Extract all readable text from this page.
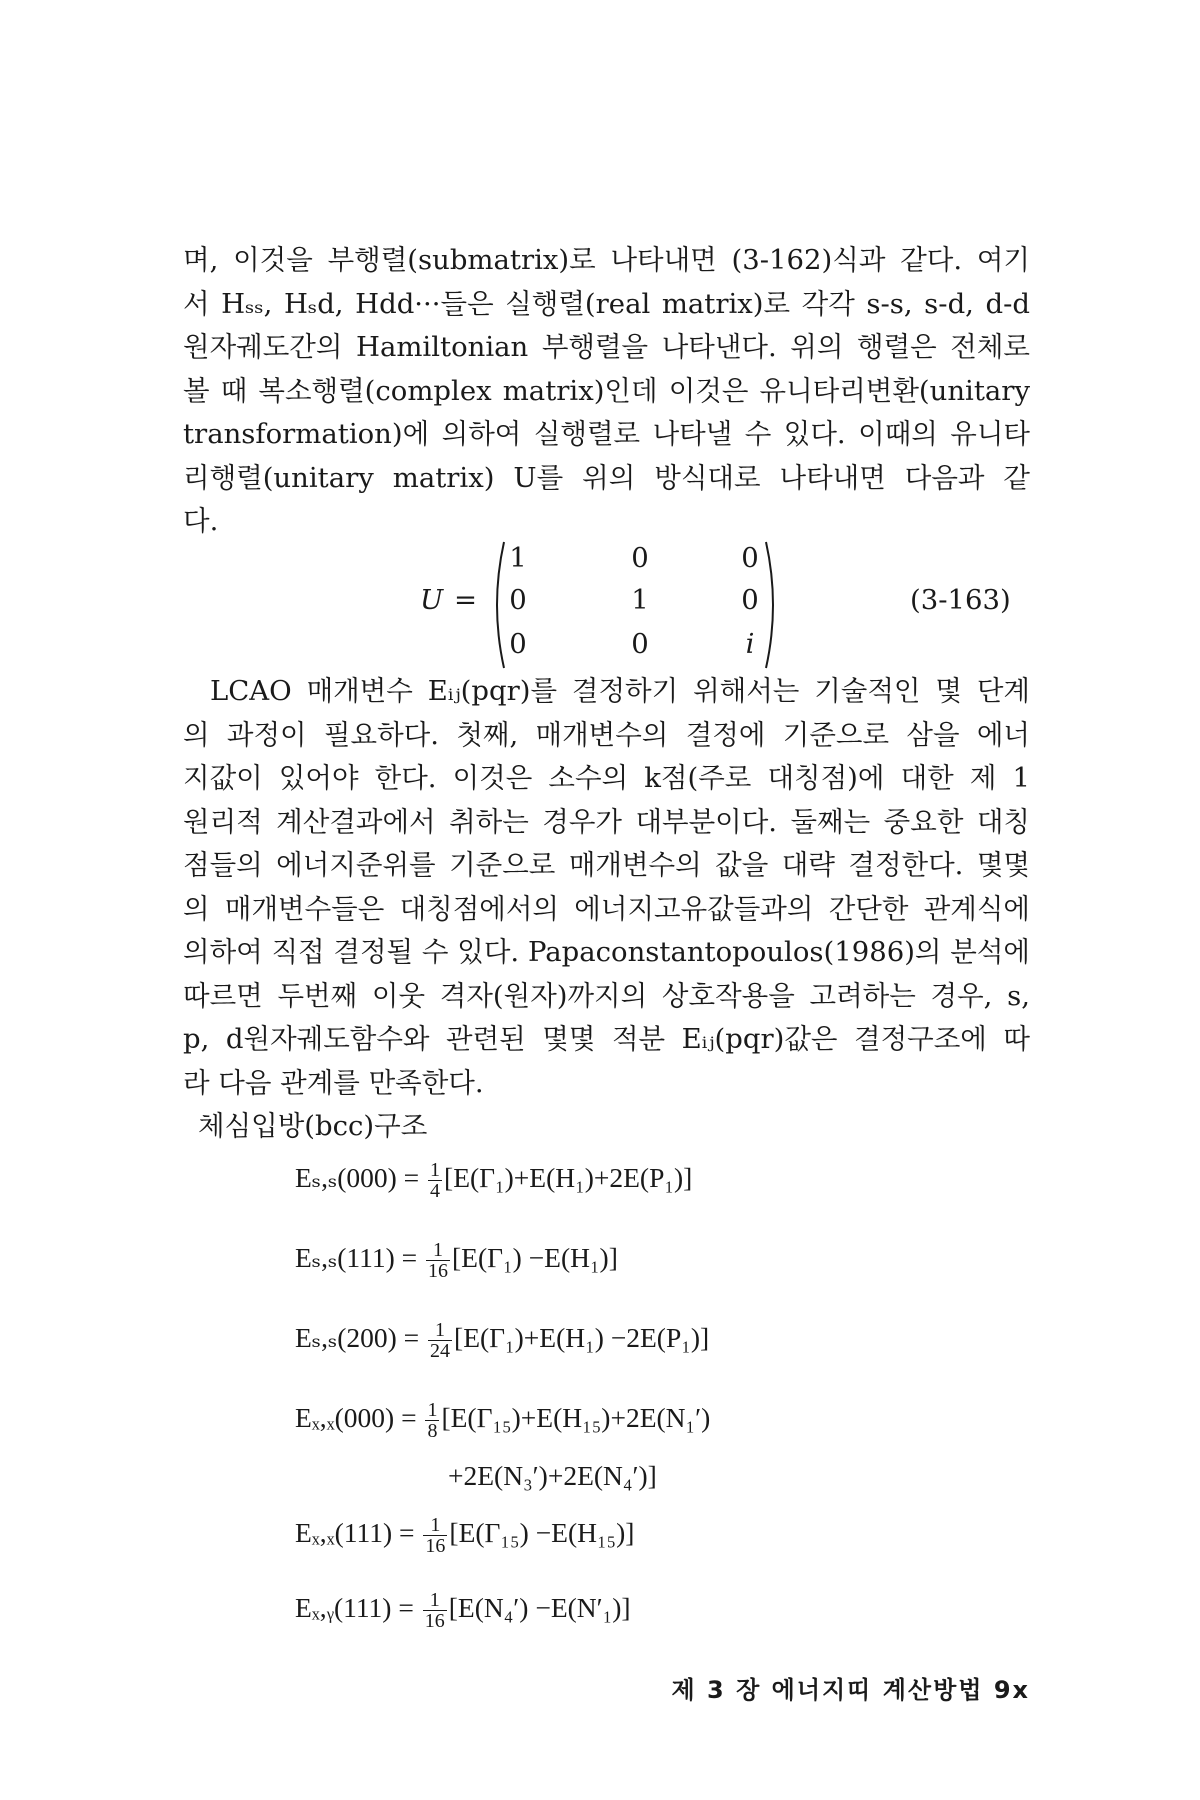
며, 이것을 부행렬(submatrix)로 나타내면 (3-162)식과 같다. 여기
서 Hₛₛ, Hₛd, Hdd···들은 실행렬(real matrix)로 각각 s-s, s-d, d-d
원자궤도간의 Hamiltonian 부행렬을 나타낸다. 위의 행렬은 전체로
볼 때 복소행렬(complex matrix)인데 이것은 유니타리변환(unitary
transformation)에 의하여 실행렬로 나타낼 수 있다. 이때의 유니타
리행렬(unitary matrix) U를 위의 방식대로 나타내면 다음과 같
다.
U =
1	0	0
0	1	0
0	0	i
(3-163)
LCAO 매개변수 Eᵢⱼ(pqr)를 결정하기 위해서는 기술적인 몇 단계
의 과정이 필요하다. 첫째, 매개변수의 결정에 기준으로 삼을 에너
지값이 있어야 한다. 이것은 소수의 k점(주로 대칭점)에 대한 제 1
원리적 계산결과에서 취하는 경우가 대부분이다. 둘째는 중요한 대칭
점들의 에너지준위를 기준으로 매개변수의 값을 대략 결정한다. 몇몇
의 매개변수들은 대칭점에서의 에너지고유값들과의 간단한 관계식에
의하여 직접 결정될 수 있다. Papaconstantopoulos(1986)의 분석에
따르면 두번째 이웃 격자(원자)까지의 상호작용을 고려하는 경우, s,
p, d원자궤도함수와 관련된 몇몇 적분 Eᵢⱼ(pqr)값은 결정구조에 따
라 다음 관계를 만족한다.
체심입방(bcc)구조
$E_s,_s(000) = \frac{1}{4} [E(\Gamma_1)+E(H_1)+2E(P_1)]$
$E_s,_s(111) = \frac{1}{16} [E(\Gamma_1) -E(H_1)]$
$E_s,_s(200) = \frac{1}{24} [E(\Gamma_1)+E(H_1) -2E(P_1)]$
$E_x,_x(000) = \frac{1}{8} [E(\Gamma_{15})+E(H_{15})+2E(N_1')$
+2E(N₃′)+2E(N₄′)]
$E_x,_x(111) = \frac{1}{16} [E(\Gamma_{15}) -E(H_{15})]$
Eₓ,ᵧ(111) = $\frac{1}{16} [E(N_4') -E(N'_1)]$
제 3 장 에너지띠 계산방법 9x
